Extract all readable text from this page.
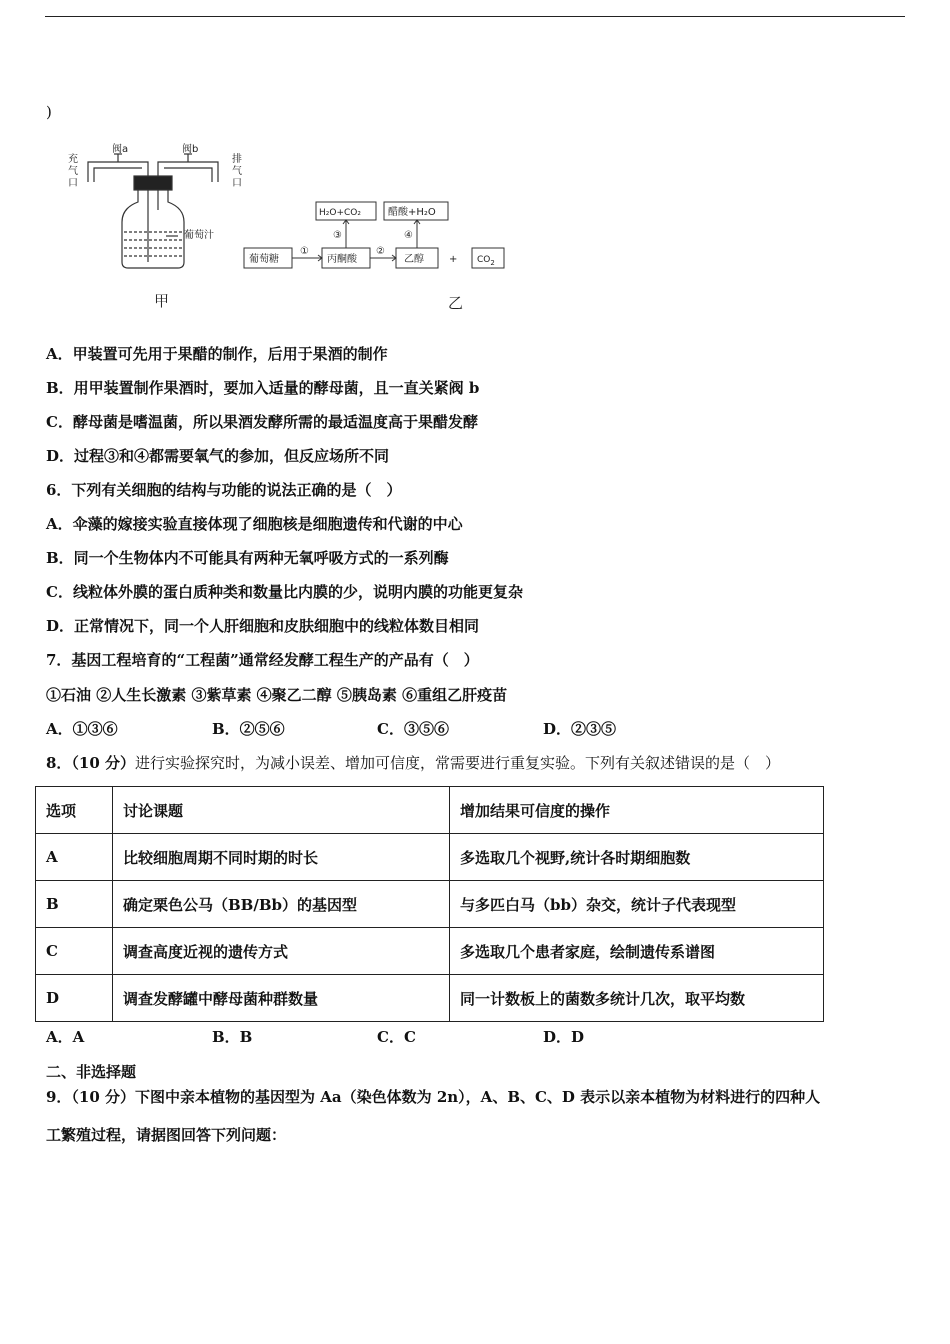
)
阀a	阀b
充
气
口
排
气
口
葡萄汁
甲
葡萄糖	丙酮酸	乙醇	+ $CO_2$
H₂O+CO₂	醋酸+H₂O
①	②
③	④
乙
A．甲装置可先用于果醋的制作，后用于果酒的制作
B．用甲装置制作果酒时，要加入适量的酵母菌，且一直关紧阀 b
C．酵母菌是嗜温菌，所以果酒发酵所需的最适温度高于果醋发酵
D．过程③和④都需要氧气的参加，但反应场所不同
6．下列有关细胞的结构与功能的说法正确的是（　）
A．伞藻的嫁接实验直接体现了细胞核是细胞遗传和代谢的中心
B．同一个生物体内不可能具有两种无氧呼吸方式的一系列酶
C．线粒体外膜的蛋白质种类和数量比内膜的少，说明内膜的功能更复杂
D．正常情况下，同一个人肝细胞和皮肤细胞中的线粒体数目相同
7．基因工程培育的“工程菌”通常经发酵工程生产的产品有（　）
①石油 ②人生长激素 ③紫草素 ④聚乙二醇 ⑤胰岛素 ⑥重组乙肝疫苗
A．①③⑥	B．②⑤⑥	C．③⑤⑥	D．②③⑤
8．（10 分）进行实验探究时，为减小误差、增加可信度，常需要进行重复实验。下列有关叙述错误的是（　）
选项	讨论课题	增加结果可信度的操作
A	比较细胞周期不同时期的时长	多选取几个视野,统计各时期细胞数
B	确定栗色公马（BB/Bb）的基因型	与多匹白马（bb）杂交，统计子代表现型
C	调查高度近视的遗传方式	多选取几个患者家庭，绘制遗传系谱图
D	调查发酵罐中酵母菌种群数量	同一计数板上的菌数多统计几次，取平均数
A．A	B．B	C．C	D．D
二、非选择题
9．（10 分）下图中亲本植物的基因型为 Aa（染色体数为 2n），A、B、C、D 表示以亲本植物为材料进行的四种人
工繁殖过程，请据图回答下列问题：
